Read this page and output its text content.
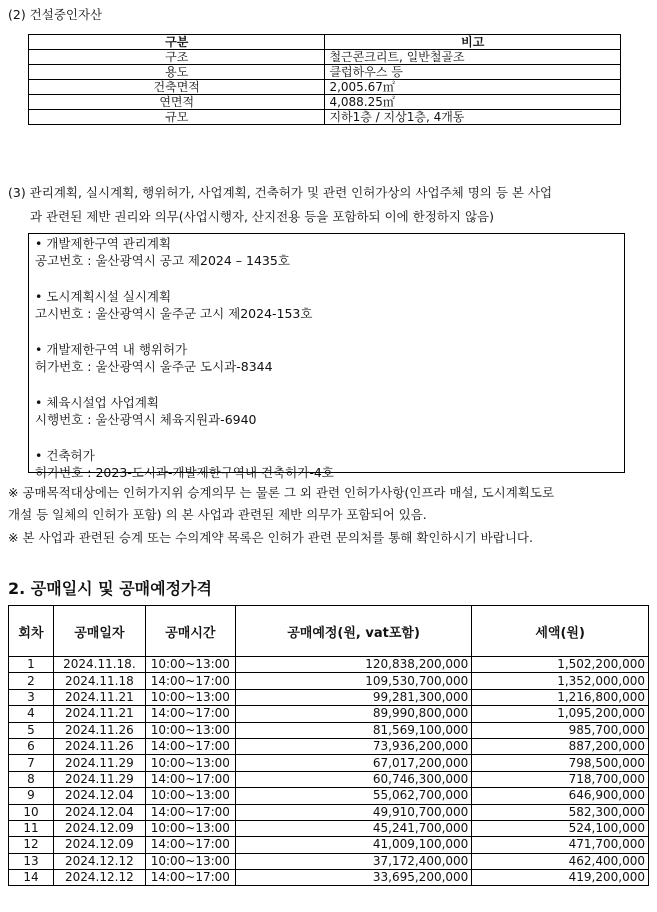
(2) 건설중인자산
구분	비고
구조	철근콘크리트, 일반철골조
용도	클럽하우스 등
건축면적	2,005.67㎡
연면적	4,088.25㎡
규모	지하1층 / 지상1층, 4개동
(3) 관리계획, 실시계획, 행위허가, 사업계획, 건축허가 및 관련 인허가상의 사업주체 명의 등 본 사업
과 관련된 제반 권리와 의무(사업시행자, 산지전용 등을 포함하되 이에 한정하지 않음)

• 개발제한구역 관리계획

공고번호 : 울산광역시 공고 제2024 – 1435호

• 도시계획시설 실시계획

고시번호 : 울산광역시 울주군 고시 제2024-153호

• 개발제한구역 내 행위허가

허가번호 : 울산광역시 울주군 도시과-8344

• 체육시설업 사업계획

시행번호 : 울산광역시 체육지원과-6940

• 건축허가

허가번호 : 2023-도시과-개발제한구역내 건축허가-4호

※ 공매목적대상에는 인허가지위 승계의무 는 물론 그 외 관련 인허가사항(인프라 매설, 도시계획도로
개설 등 일체의 인허가 포함) 의 본 사업과 관련된 제반 의무가 포함되어 있음.
※ 본 사업과 관련된 승계 또는 수의계약 목록은 인허가 관련 문의처를 통해 확인하시기 바랍니다.
2. 공매일시 및 공매예정가격
회차	공매일자	공매시간	공매예정(원, vat포함)	세액(원)
1	2024.11.18.	10:00~13:00	120,838,200,000	1,502,200,000
2	2024.11.18	14:00~17:00	109,530,700,000	1,352,000,000
3	2024.11.21	10:00~13:00	99,281,300,000	1,216,800,000
4	2024.11.21	14:00~17:00	89,990,800,000	1,095,200,000
5	2024.11.26	10:00~13:00	81,569,100,000	985,700,000
6	2024.11.26	14:00~17:00	73,936,200,000	887,200,000
7	2024.11.29	10:00~13:00	67,017,200,000	798,500,000
8	2024.11.29	14:00~17:00	60,746,300,000	718,700,000
9	2024.12.04	10:00~13:00	55,062,700,000	646,900,000
10	2024.12.04	14:00~17:00	49,910,700,000	582,300,000
11	2024.12.09	10:00~13:00	45,241,700,000	524,100,000
12	2024.12.09	14:00~17:00	41,009,100,000	471,700,000
13	2024.12.12	10:00~13:00	37,172,400,000	462,400,000
14	2024.12.12	14:00~17:00	33,695,200,000	419,200,000
